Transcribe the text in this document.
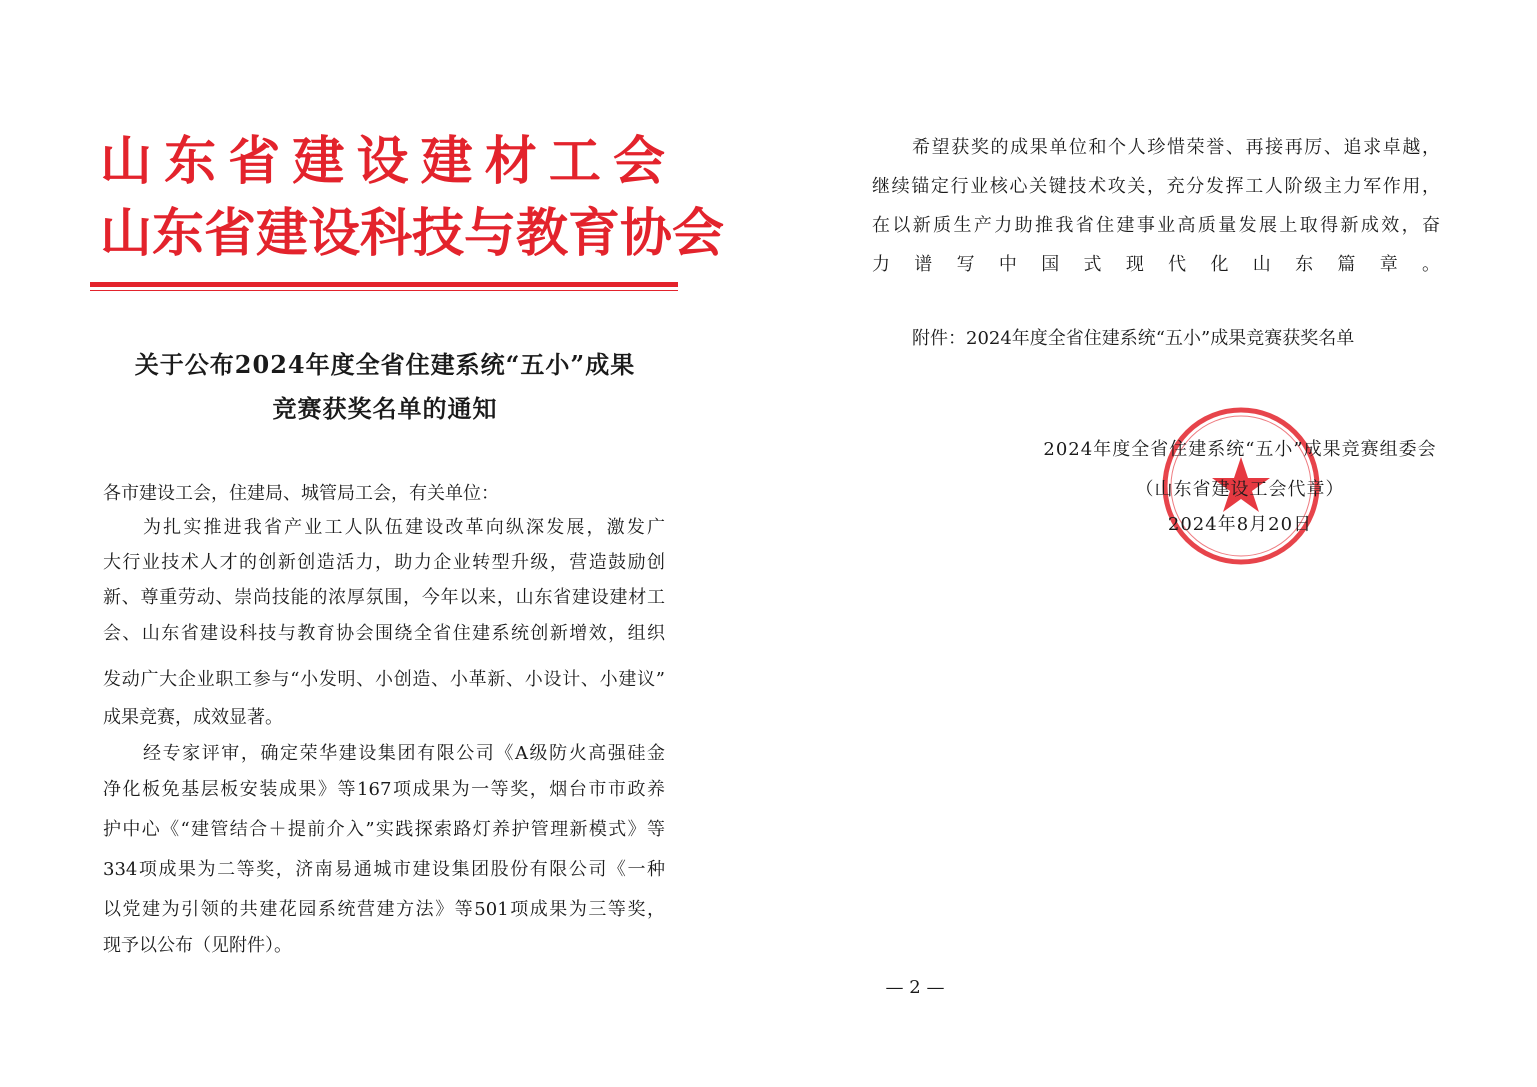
山东省建设建材工会
山东省建设科技与教育协会
关于公布2024年度全省住建系统“五小”成果
竞赛获奖名单的通知
各市建设工会，住建局、城管局工会，有关单位：
为扎实推进我省产业工人队伍建设改革向纵深发展，激发广
大行业技术人才的创新创造活力，助力企业转型升级，营造鼓励创
新、尊重劳动、崇尚技能的浓厚氛围，今年以来，山东省建设建材工
会、山东省建设科技与教育协会围绕全省住建系统创新增效，组织
发动广大企业职工参与“小发明、小创造、小革新、小设计、小建议”
成果竞赛，成效显著。
经专家评审，确定荣华建设集团有限公司《A级防火高强硅金
净化板免基层板安装成果》等167项成果为一等奖，烟台市市政养
护中心《“建管结合＋提前介入”实践探索路灯养护管理新模式》等
334项成果为二等奖，济南易通城市建设集团股份有限公司《一种
以党建为引领的共建花园系统营建方法》等501项成果为三等奖，
现予以公布（见附件）。
希望获奖的成果单位和个人珍惜荣誉、再接再厉、追求卓越，
继续锚定行业核心关键技术攻关，充分发挥工人阶级主力军作用，
在以新质生产力助推我省住建事业高质量发展上取得新成效，奋
力谱写中国式现代化山东篇章。
附件：2024年度全省住建系统“五小”成果竞赛获奖名单
2024年度全省住建系统“五小”成果竞赛组委会
（山东省建设工会代章）
2024年8月20日
— 2 —
